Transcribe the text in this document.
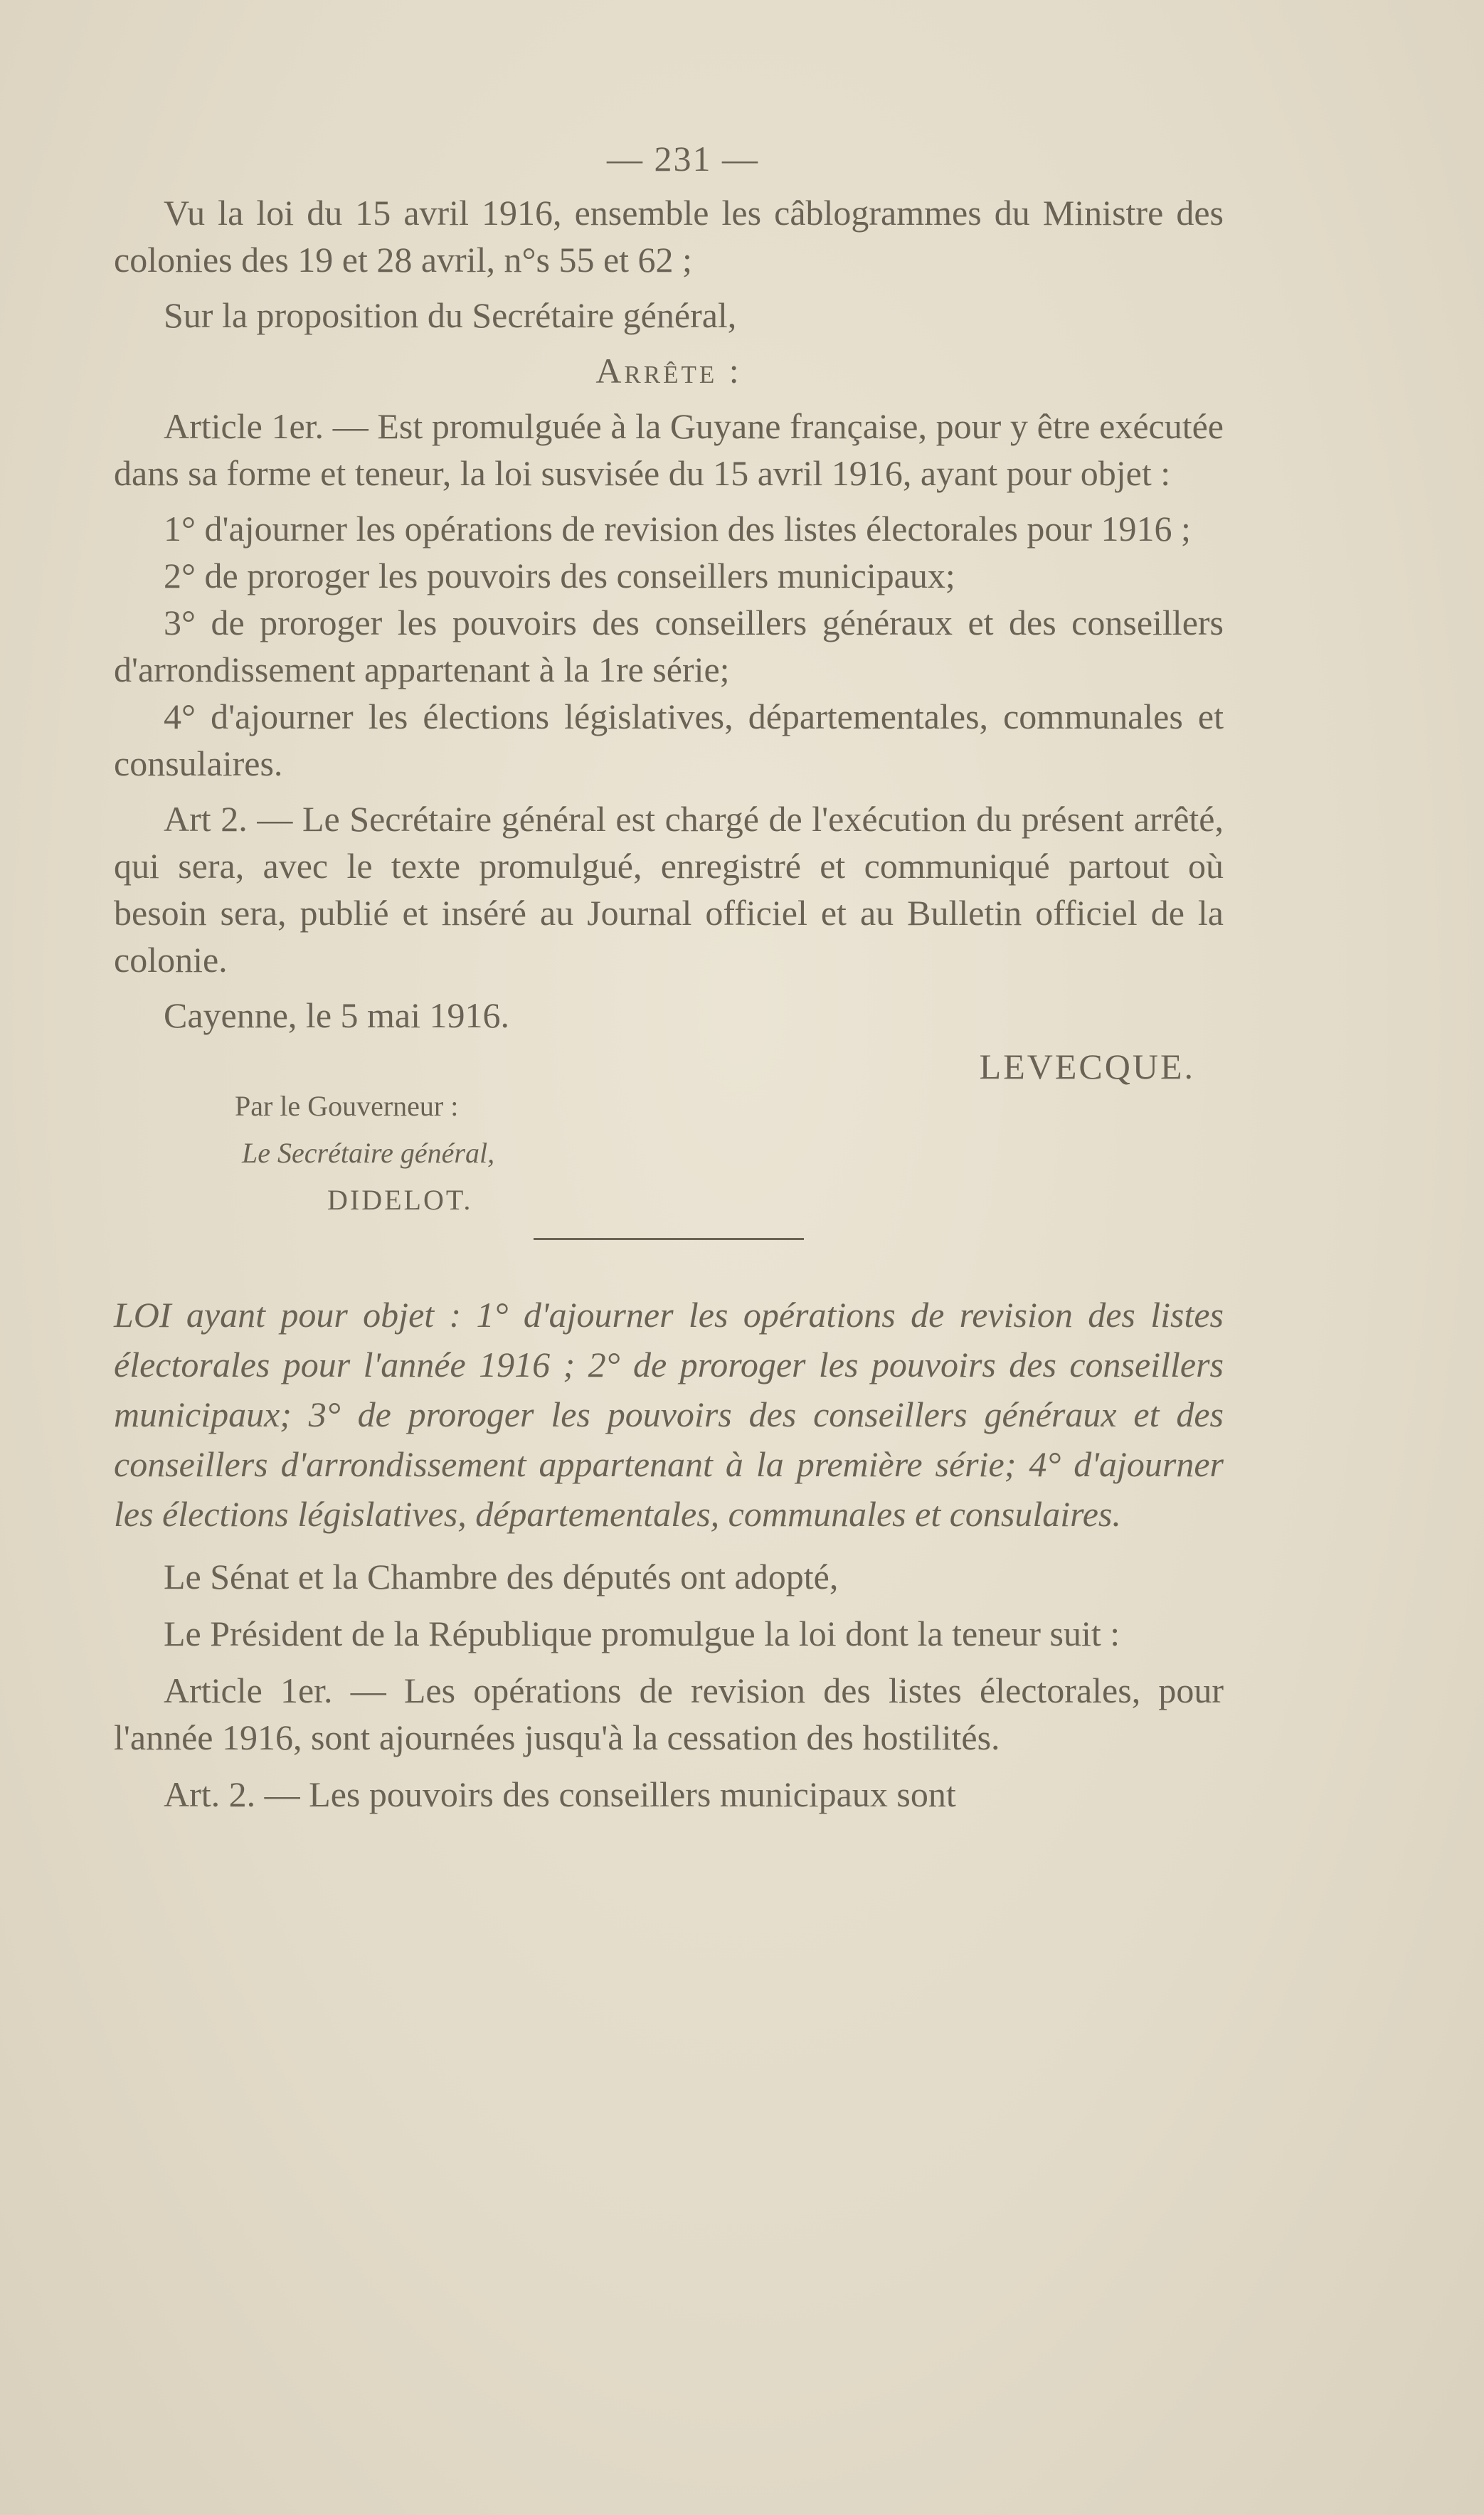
— 231 —

Vu la loi du 15 avril 1916, ensemble les câblogrammes du Ministre des colonies des 19 et 28 avril, n°s 55 et 62 ;

Sur la proposition du Secrétaire général,

Arrête :

Article 1er. — Est promulguée à la Guyane française, pour y être exécutée dans sa forme et teneur, la loi susvisée du 15 avril 1916, ayant pour objet :

1° d'ajourner les opérations de revision des listes électorales pour 1916 ;

2° de proroger les pouvoirs des conseillers municipaux;

3° de proroger les pouvoirs des conseillers généraux et des conseillers d'arrondissement appartenant à la 1re série;

4° d'ajourner les élections législatives, départementales, communales et consulaires.

Art 2. — Le Secrétaire général est chargé de l'exécution du présent arrêté, qui sera, avec le texte promulgué, enregistré et communiqué partout où besoin sera, publié et inséré au Journal officiel et au Bulletin officiel de la colonie.

Cayenne, le 5 mai 1916.

LEVECQUE.
Par le Gouverneur :
Le Secrétaire général,
DIDELOT.

LOI ayant pour objet : 1° d'ajourner les opérations de revision des listes électorales pour l'année 1916 ; 2° de proroger les pouvoirs des conseillers municipaux; 3° de proroger les pouvoirs des conseillers généraux et des conseillers d'arrondissement appartenant à la première série; 4° d'ajourner les élections législatives, départementales, communales et consulaires.

Le Sénat et la Chambre des députés ont adopté,

Le Président de la République promulgue la loi dont la teneur suit :

Article 1er. — Les opérations de revision des listes électorales, pour l'année 1916, sont ajournées jusqu'à la cessation des hostilités.

Art. 2. — Les pouvoirs des conseillers municipaux sont
